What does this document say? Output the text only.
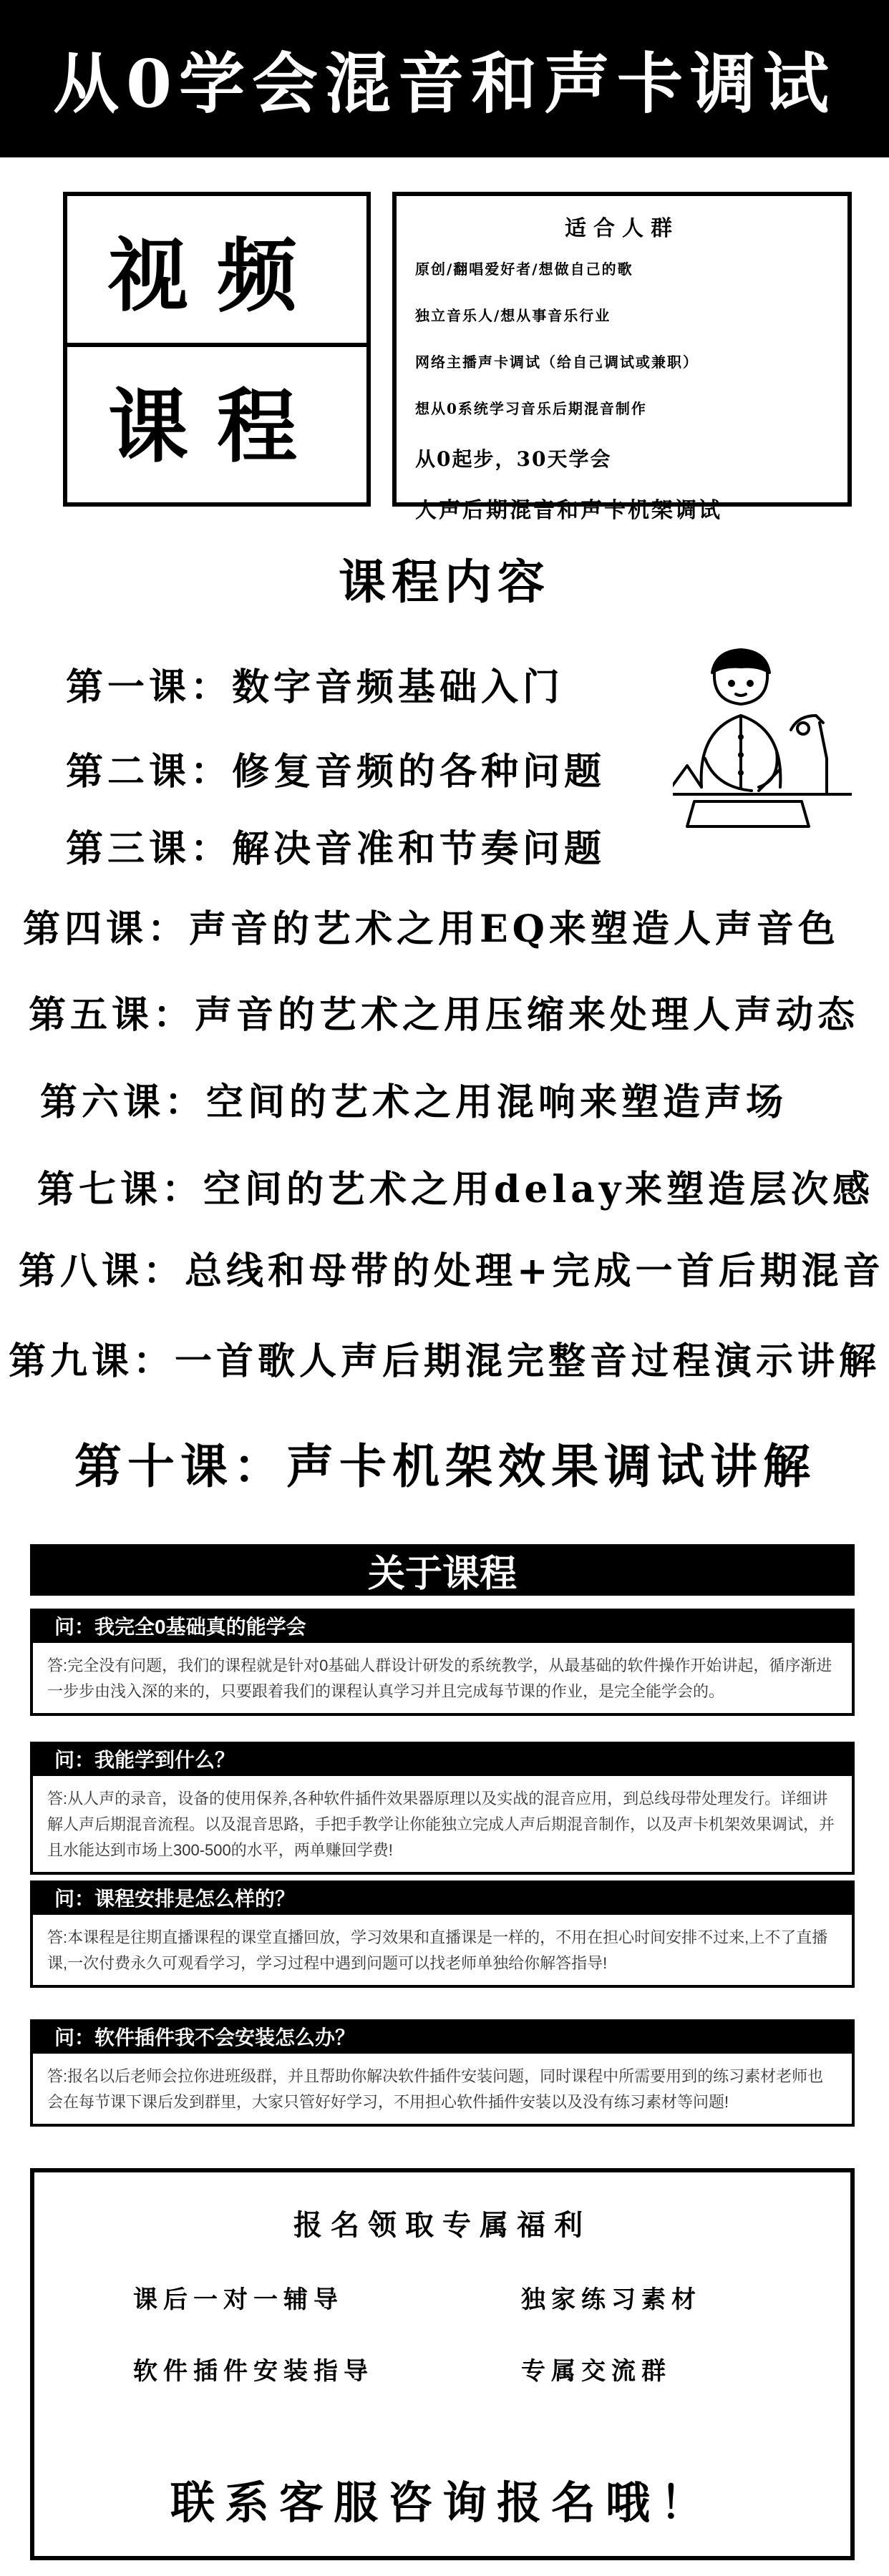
从0学会混音和声卡调试
视频
课程
适合人群
原创/翻唱爱好者/想做自己的歌
独立音乐人/想从事音乐行业
网络主播声卡调试（给自己调试或兼职）
想从0系统学习音乐后期混音制作
从0起步，30天学会
人声后期混音和声卡机架调试
课程内容
第一课：数字音频基础入门
第二课：修复音频的各种问题
第三课：解决音准和节奏问题
第四课：声音的艺术之用EQ来塑造人声音色
第五课：声音的艺术之用压缩来处理人声动态
第六课：空间的艺术之用混响来塑造声场
第七课：空间的艺术之用delay来塑造层次感
第八课：总线和母带的处理+完成一首后期混音
第九课：一首歌人声后期混完整音过程演示讲解
第十课：声卡机架效果调试讲解
关于课程
问：我完全0基础真的能学会
答:完全没有问题，我们的课程就是针对0基础人群设计研发的系统教学，从最基础的软件操作开始讲起，循序渐进一步步由浅入深的来的，只要跟着我们的课程认真学习并且完成每节课的作业，是完全能学会的。
问：我能学到什么？
答:从人声的录音，设备的使用保养,各种软件插件效果器原理以及实战的混音应用，到总线母带处理发行。详细讲解人声后期混音流程。以及混音思路，手把手教学让你能独立完成人声后期混音制作，以及声卡机架效果调试，并且水能达到市场上300-500的水平，两单赚回学费!
问：课程安排是怎么样的？
答:本课程是往期直播课程的课堂直播回放，学习效果和直播课是一样的，不用在担心时间安排不过来,上不了直播课,一次付费永久可观看学习，学习过程中遇到问题可以找老师单独给你解答指导!
问：软件插件我不会安装怎么办？
答:报名以后老师会拉你进班级群，并且帮助你解决软件插件安装问题，同时课程中所需要用到的练习素材老师也会在每节课下课后发到群里，大家只管好好学习，不用担心软件插件安装以及没有练习素材等问题!
报名领取专属福利
课后一对一辅导	独家练习素材
软件插件安装指导	专属交流群
联系客服咨询报名哦！
